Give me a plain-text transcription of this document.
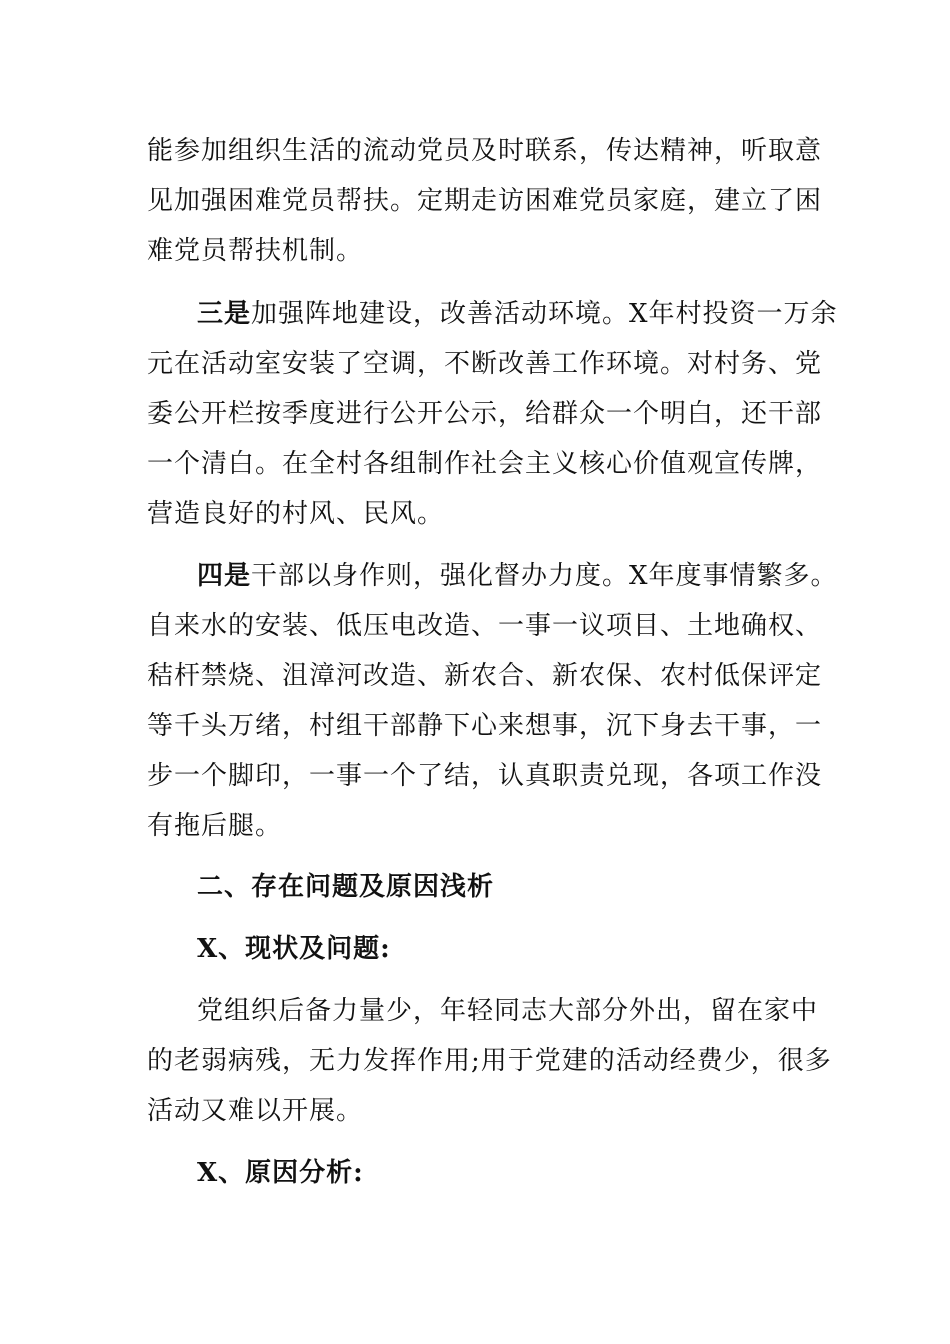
能参加组织生活的流动党员及时联系，传达精神，听取意
见加强困难党员帮扶。定期走访困难党员家庭，建立了困
难党员帮扶机制。
三是加强阵地建设，改善活动环境。X年村投资一万余
元在活动室安装了空调，不断改善工作环境。对村务、党
委公开栏按季度进行公开公示，给群众一个明白，还干部
一个清白。在全村各组制作社会主义核心价值观宣传牌，
营造良好的村风、民风。
四是干部以身作则，强化督办力度。X年度事情繁多。
自来水的安装、低压电改造、一事一议项目、土地确权、
秸杆禁烧、沮漳河改造、新农合、新农保、农村低保评定
等千头万绪，村组干部静下心来想事，沉下身去干事，一
步一个脚印，一事一个了结，认真职责兑现，各项工作没
有拖后腿。
二、存在问题及原因浅析
X、现状及问题:
党组织后备力量少，年轻同志大部分外出，留在家中
的老弱病残，无力发挥作用;用于党建的活动经费少，很多
活动又难以开展。
X、原因分析:
